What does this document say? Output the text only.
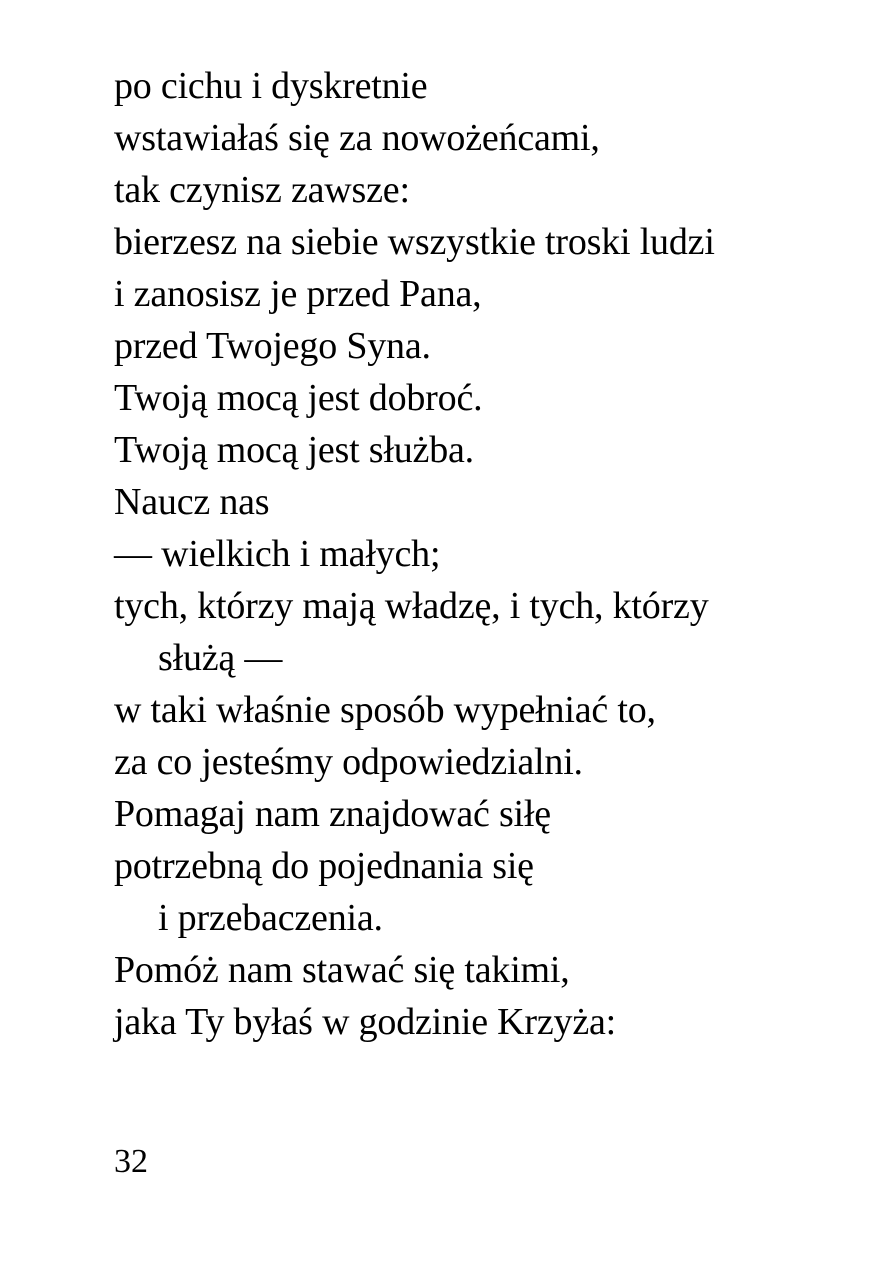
po cichu i dyskretnie
wstawiałaś się za nowożeńcami,
tak czynisz zawsze:
bierzesz na siebie wszystkie troski ludzi
i zanosisz je przed Pana,
przed Twojego Syna.
Twoją mocą jest dobroć.
Twoją mocą jest służba.
Naucz nas
— wielkich i małych;
tych, którzy mają władzę, i tych, którzy
służą —
w taki właśnie sposób wypełniać to,
za co jesteśmy odpowiedzialni.
Pomagaj nam znajdować siłę
potrzebną do pojednania się
i przebaczenia.
Pomóż nam stawać się takimi,
jaka Ty byłaś w godzinie Krzyża:
32
